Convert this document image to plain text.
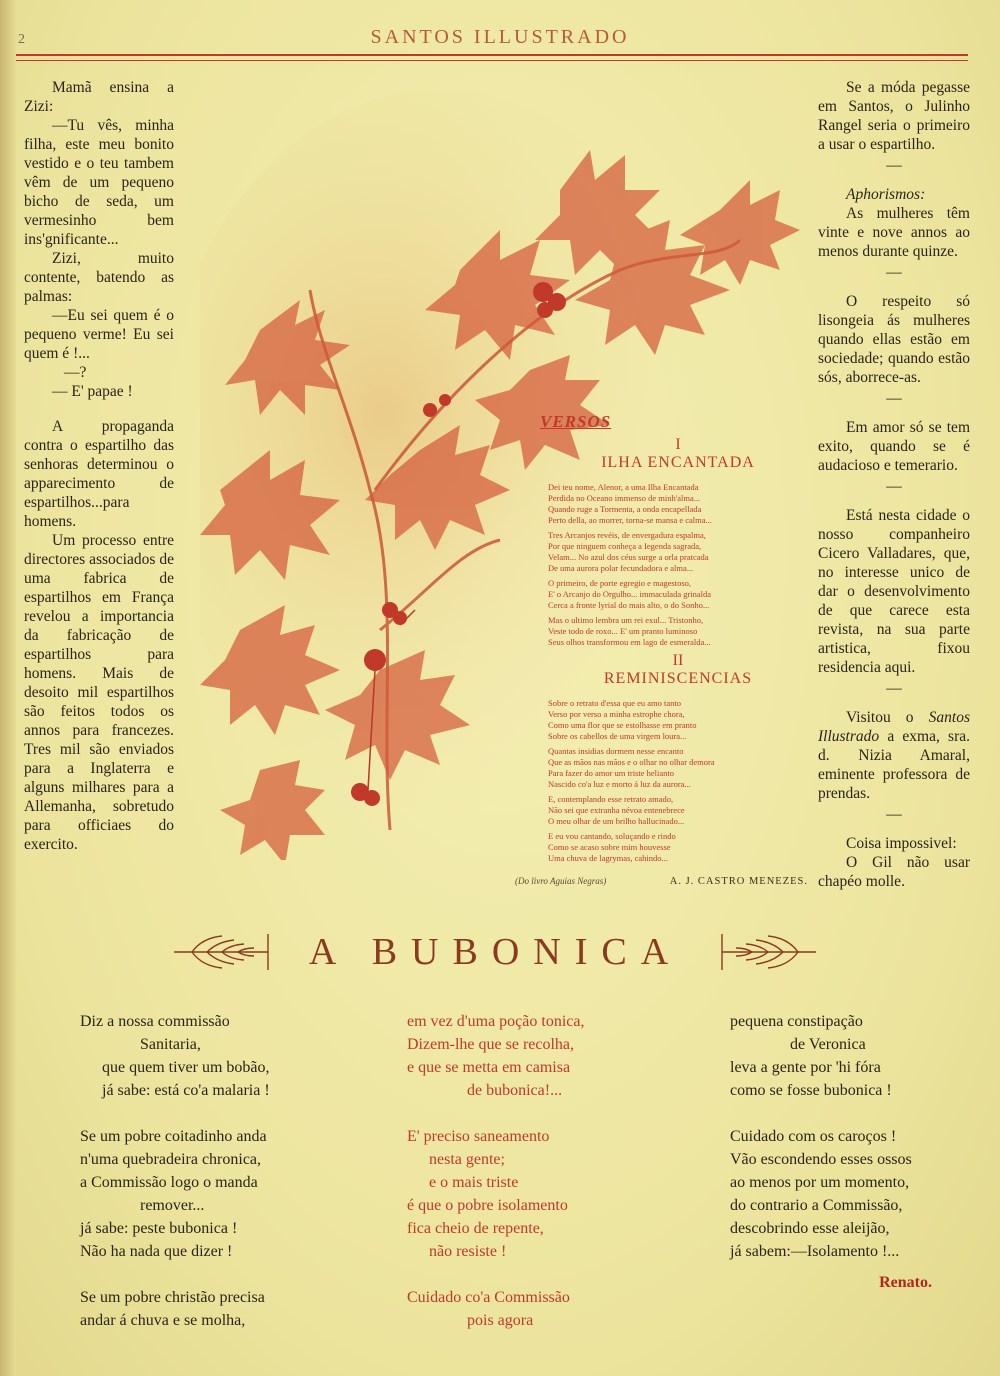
2	SANTOS ILLUSTRADO

Mamã ensina a Zizi:

—Tu vês, minha filha, este meu bonito vestido e o teu tambem vêm de um pequeno bicho de seda, um vermesinho bem ins'gnificante...

Zizi, muito contente, batendo as palmas:

—Eu sei quem é o pequeno verme! Eu sei quem é !...

—?

— E' papae !

A propaganda contra o espartilho das senhoras determinou o apparecimento de espartilhos...para homens.

Um processo entre directores associados de uma fabrica de espartilhos em França revelou a importancia da fabricação de espartilhos para homens. Mais de desoito mil espartilhos são feitos todos os annos para francezes. Tres mil são enviados para a Inglaterra e alguns milhares para a Allemanha, sobretudo para officiaes do exercito.

VERSOS
I
ILHA ENCANTADA
Dei teu nome, Alenor, a uma Ilha Encantada
Perdida no Oceano immenso de minh'alma...
Quando ruge a Tormenta, a onda encapellada
Perto della, ao morrer, torna-se mansa e calma...
Tres Arcanjos revéis, de envergadura espalma,
Por que ninguem conheça a Iegenda sagrada,
Velam... No azul dos céus surge a orla pratcada
De uma aurora polar fecundadora e alma...
O primeiro, de porte egregio e magestoso,
E' o Arcanjo do Orgulho... immaculada grinalda
Cerca a fronte lyrial do mais alto, o do Sonho...
Mas o ultimo lembra um rei exul... Tristonho,
Veste todo de roxo... E' um pranto luminoso
Seus olhos transformou em lago de esmeralda...
II
REMINISCENCIAS
Sobre o retrato d'essa que eu amo tanto
Verso por verso a minha estrophe chora,
Como uma flor que se estolhasse em pranto
Sobre os cabellos de uma virgem loura...
Quantas insidias dormem nesse encanto
Que as mãos nas mãos e o olhar no olhar demora
Para fazer do amor um triste helianto
Nascido co'a luz e morto á luz da aurora...
E, contemplando esse retrato amado,
Não sei que extranha névoa entenebrece
O meu olhar de um brilho hallucinado...
E eu vou cantando, soluçando e rindo
Como se acaso sobre mim houvesse
Uma chuva de lagrymas, cahindo...
A. J. CASTRO MENEZES.
(Do livro Aguias Negras)

Se a móda pegasse em Santos, o Julinho Rangel seria o primeiro a usar o espartilho.

—

Aphorismos:

As mulheres têm vinte e nove annos ao menos durante quinze.

—

O respeito só lisongeia ás mulheres quando ellas estão em sociedade; quando estão sós, aborrece-as.

—

Em amor só se tem exito, quando se é audacioso e temerario.

—

Está nesta cidade o nosso companheiro Cicero Valladares, que, no interesse unico de dar o desenvolvimento de que carece esta revista, na sua parte artistica, fixou residencia aqui.

—

Visitou o Santos Illustrado a exma, sra. d. Nizia Amaral, eminente professora de prendas.

—

Coisa impossivel:

O Gil não usar chapéo molle.

A BUBONICA

Diz a nossa commissão

Sanitaria,

que quem tiver um bobão,

já sabe: está co'a malaria !

Se um pobre coitadinho anda

n'uma quebradeira chronica,

a Commissão logo o manda

remover...

já sabe: peste bubonica !

Não ha nada que dizer !

Se um pobre christão precisa

andar á chuva e se molha,

em vez d'uma poção tonica,

Dizem-lhe que se recolha,

e que se metta em camisa

de bubonica!...

E' preciso saneamento

nesta gente;

e o mais triste

é que o pobre isolamento

fica cheio de repente,

não resiste !

Cuidado co'a Commissão

pois agora

pequena constipação

de Veronica

leva a gente por 'hi fóra

como se fosse bubonica !

Cuidado com os caroços !

Vão escondendo esses ossos

ao menos por um momento,

do contrario a Commissão,

descobrindo esse aleijão,

já sabem:—Isolamento !...

Renato.
